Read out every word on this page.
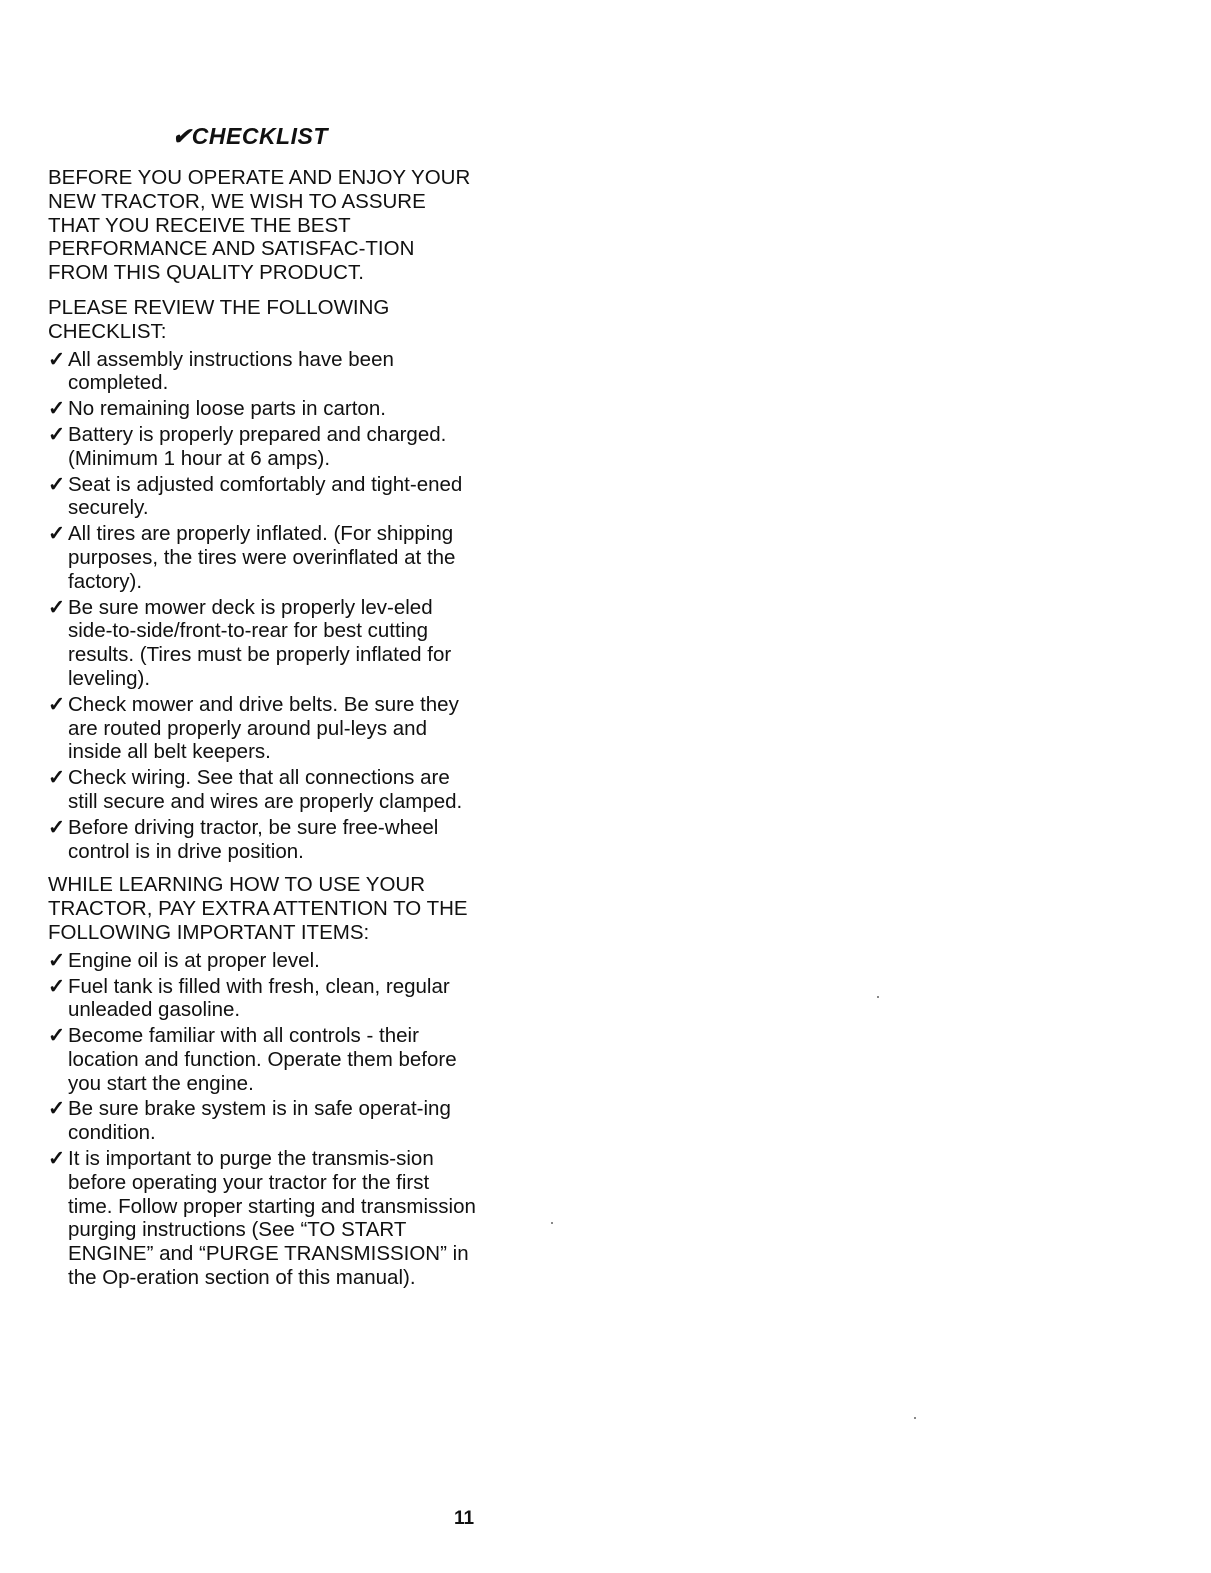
✔CHECKLIST

BEFORE YOU OPERATE AND ENJOY YOUR NEW TRACTOR, WE WISH TO ASSURE THAT YOU RECEIVE THE BEST PERFORMANCE AND SATISFAC-TION FROM THIS QUALITY PRODUCT.

PLEASE REVIEW THE FOLLOWING CHECKLIST:

✓ All assembly instructions have been completed.
✓ No remaining loose parts in carton.
✓ Battery is properly prepared and charged. (Minimum 1 hour at 6 amps).
✓ Seat is adjusted comfortably and tight-ened securely.
✓ All tires are properly inflated. (For shipping purposes, the tires were overinflated at the factory).
✓ Be sure mower deck is properly lev-eled side-to-side/front-to-rear for best cutting results. (Tires must be properly inflated for leveling).
✓ Check mower and drive belts. Be sure they are routed properly around pul-leys and inside all belt keepers.
✓ Check wiring. See that all connections are still secure and wires are properly clamped.
✓ Before driving tractor, be sure free-wheel control is in drive position.

WHILE LEARNING HOW TO USE YOUR TRACTOR, PAY EXTRA ATTENTION TO THE FOLLOWING IMPORTANT ITEMS:

✓ Engine oil is at proper level.
✓ Fuel tank is filled with fresh, clean, regular unleaded gasoline.
✓ Become familiar with all controls - their location and function. Operate them before you start the engine.
✓ Be sure brake system is in safe operat-ing condition.
✓ It is important to purge the transmis-sion before operating your tractor for the first time. Follow proper starting and transmission purging instructions (See “TO START ENGINE” and “PURGE TRANSMISSION” in the Op-eration section of this manual).
11
